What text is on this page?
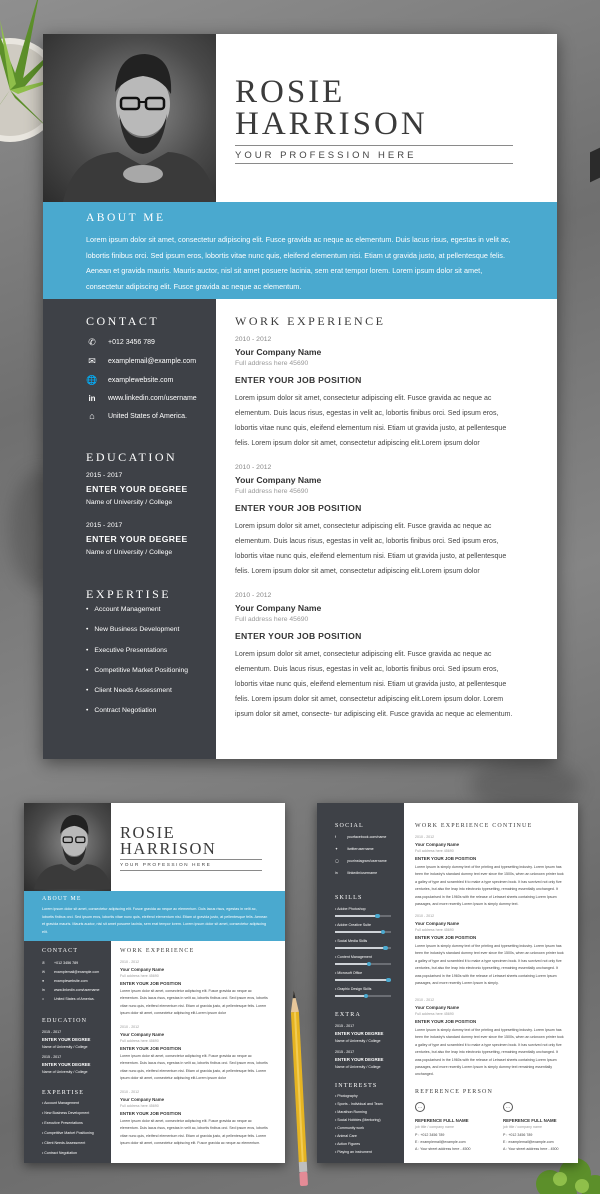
ROSIE
HARRISON
YOUR PROFESSION HERE
ABOUT ME

Lorem ipsum dolor sit amet, consectetur adipiscing elit. Fusce gravida ac neque ac elementum. Duis lacus risus, egestas in velit ac, lobortis finibus orci. Sed ipsum eros, lobortis vitae nunc quis, eleifend elementum nisi. Etiam ut gravida justo, at pellentesque felis. Aenean et gravida mauris. Mauris auctor, nisl sit amet posuere lacinia, sem erat tempor lorem. Lorem ipsum dolor sit amet, consectetur adipiscing elit. Fusce gravida ac neque ac elementum.

CONTACT
✆	+012 3456 789
✉	examplemail@example.com
🌐 examplewebsite.com
in	www.linkedin.com/username
⌂	United States of America.
EDUCATION
2015 - 2017
ENTER YOUR DEGREE
Name of University / College
2015 - 2017
ENTER YOUR DEGREE
Name of University / College
EXPERTISE
• Account Management
• New Business Development
• Executive Presentations
• Competitive Market Positioning
• Client Needs Assessment
• Contract Negotiation
WORK EXPERIENCE
2010 - 2012
Your Company Name
Full address here 45690
ENTER YOUR JOB POSITION
Lorem ipsum dolor sit amet, consectetur adipiscing elit. Fusce gravida ac neque ac elementum. Duis lacus risus, egestas in velit ac, lobortis finibus orci. Sed ipsum eros, lobortis vitae nunc quis, eleifend elementum nisi. Etiam ut gravida justo, at pellentesque felis. Lorem ipsum dolor sit amet, consectetur adipiscing elit.Lorem ipsum dolor
2010 - 2012
Your Company Name
Full address here 45690
ENTER YOUR JOB POSITION
Lorem ipsum dolor sit amet, consectetur adipiscing elit. Fusce gravida ac neque ac elementum. Duis lacus risus, egestas in velit ac, lobortis finibus orci. Sed ipsum eros, lobortis vitae nunc quis, eleifend elementum nisi. Etiam ut gravida justo, at pellentesque felis. Lorem ipsum dolor sit amet, consectetur adipiscing elit.Lorem ipsum dolor
2010 - 2012
Your Company Name
Full address here 45690
ENTER YOUR JOB POSITION
Lorem ipsum dolor sit amet, consectetur adipiscing elit. Fusce gravida ac neque ac elementum. Duis lacus risus, egestas in velit ac, lobortis finibus orci. Sed ipsum eros, lobortis vitae nunc quis, eleifend elementum nisi. Etiam ut gravida justo, at pellentesque felis. Lorem ipsum dolor sit amet, consectetur adipiscing elit.Lorem ipsum dolor. Lorem ipsum dolor sit amet, consecte- tur adipiscing elit. Fusce gravida ac neque ac elementum.
ROSIE
HARRISON
YOUR PROFESSION HERE
ABOUT ME

Lorem ipsum dolor sit amet, consectetur adipiscing elit. Fusce gravida ac neque ac elementum. Duis lacus risus, egestas in velit ac, lobortis finibus orci. Sed ipsum eros, lobortis vitae nunc quis, eleifend elementum nisi. Etiam ut gravida justo, at pellentesque felis. Aenean et gravida mauris. Mauris auctor, nisl sit amet posuere lacinia, sem erat tempor lorem. Lorem ipsum dolor sit amet, consectetur adipiscing elit.

CONTACT
✆ +012 3456 789
✉ examplemail@example.com
●	examplewebsite.com
in	www.linkedin.com/username
⌂	United States of America.
EDUCATION
2015 - 2017
ENTER YOUR DEGREE
Name of University / College
2015 - 2017
ENTER YOUR DEGREE
Name of University / College
EXPERTISE
• Account Management
• New Business Development
• Executive Presentations
• Competitive Market Positioning
• Client Needs Assessment
• Contract Negotiation
WORK EXPERIENCE
2010 - 2012
Your Company Name
Full address here 45690
ENTER YOUR JOB POSITION
Lorem ipsum dolor sit amet, consectetur adipiscing elit. Fusce gravida ac neque ac elementum. Duis lacus risus, egestas in velit ac, lobortis finibus orci. Sed ipsum eros, lobortis vitae nunc quis, eleifend elementum nisi. Etiam ut gravida justo, at pellentesque felis. Lorem ipsum dolor sit amet, consectetur adipiscing elit.Lorem ipsum dolor
2010 - 2012
Your Company Name
Full address here 45690
ENTER YOUR JOB POSITION
Lorem ipsum dolor sit amet, consectetur adipiscing elit. Fusce gravida ac neque ac elementum. Duis lacus risus, egestas in velit ac, lobortis finibus orci. Sed ipsum eros, lobortis vitae nunc quis, eleifend elementum nisi. Etiam ut gravida justo, at pellentesque felis. Lorem ipsum dolor sit amet, consectetur adipiscing elit.Lorem ipsum dolor
2010 - 2012
Your Company Name
Full address here 45690
ENTER YOUR JOB POSITION
Lorem ipsum dolor sit amet, consectetur adipiscing elit. Fusce gravida ac neque ac elementum. Duis lacus risus, egestas in velit ac, lobortis finibus orci. Sed ipsum eros, lobortis vitae nunc quis, eleifend elementum nisi. Etiam ut gravida justo, at pellentesque felis. Lorem ipsum dolor sit amet, consectetur adipiscing elit. Fusce gravida ac neque ac elementum.
SOCIAL
f	yourfacebook.com/name
✦ /twitterusername
◯ yourinstagram/username
in	/linkedin/username
SKILLS
EXTRA
2015 - 2017
ENTER YOUR DEGREE
Name of University / College
2015 - 2017
ENTER YOUR DEGREE
Name of University / College
INTERESTS
• Photography
• Sports - Individual and Team
• Marathon Running
• Social Hobbies (Mentoring)
• Community work
• Animal Care
• Action Figures
• Playing an instrument
WORK EXPERIENCE CONTINUE
2010 - 2012
Your Company Name
Full address here 45690
ENTER YOUR JOB POSITION
Lorem Ipsum is simply dummy text of the printing and typesetting industry. Lorem Ipsum has been the industry's standard dummy text ever since the 1500s, when an unknown printer took a galley of type and scrambled it to make a type specimen book. It has survived not only five centuries, but also the leap into electronic typesetting, remaining essentially unchanged. It was popularised in the 1960s with the release of Letraset sheets containing Lorem Ipsum passages, and more recently Lorem Ipsum is simply dummy text.
2010 - 2012
Your Company Name
Full address here 45690
ENTER YOUR JOB POSITION
Lorem Ipsum is simply dummy text of the printing and typesetting industry. Lorem Ipsum has been the industry's standard dummy text ever since the 1500s, when an unknown printer took a galley of type and scrambled it to make a type specimen book. It has survived not only five centuries, but also the leap into electronic typesetting, remaining essentially unchanged. It was popularised in the 1960s with the release of Letraset sheets containing Lorem Ipsum passages, and more recently Lorem Ipsum is simply.
2010 - 2012
Your Company Name
Full address here 45690
ENTER YOUR JOB POSITION
Lorem Ipsum is simply dummy text of the printing and typesetting industry. Lorem Ipsum has been the industry's standard dummy text ever since the 1500s, when an unknown printer took a galley of type and scrambled it to make a type specimen book. It has survived not only five centuries, but also the leap into electronic typesetting, remaining essentially unchanged. It was popularised in the 1960s with the release of Letraset sheets containing Lorem Ipsum passages, and more recently Lorem Ipsum is simply dummy text remaining essentially unchanged.
REFERENCE PERSON
…	…
REFERENCE FULL NAME
job title / company name
P : +012 3456 789
E : examplemail@example.com
A : Your street address here - 4500
REFERENCE FULL NAME
job title / company name
P : +012 3456 789
E : examplemail@example.com
A : Your street address here - 4500
• Adobe Photoshop
• Adobe Creative Suite
• Social Media Skills
• Content Management
• Microsoft Office
• Graphic Design Skills
